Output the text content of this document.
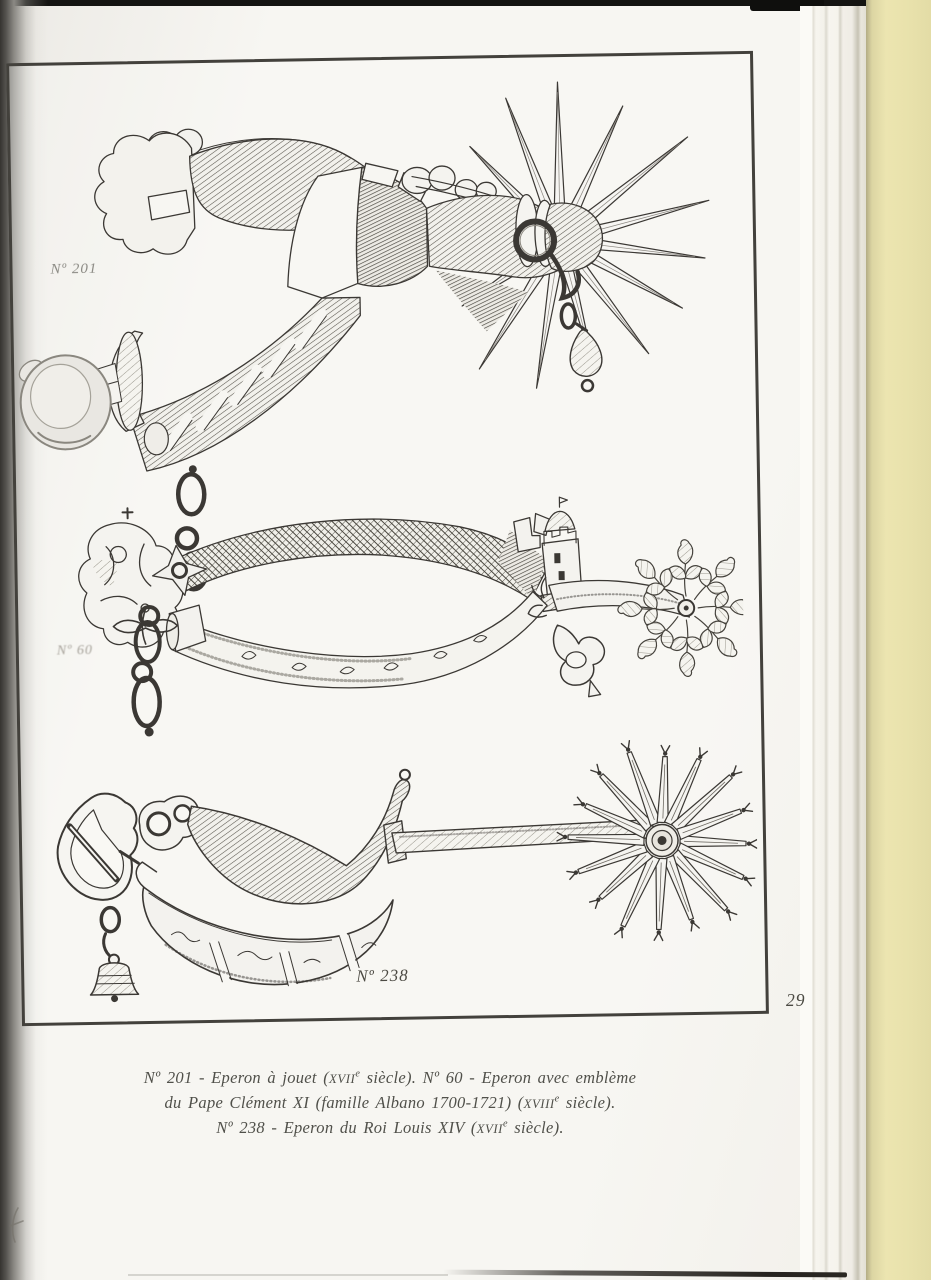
Nº 201
Nº 60
Nº 238
29
Nº 201 - Eperon à jouet (XVIIe siècle). Nº 60 - Eperon avec emblème
du Pape Clément XI (famille Albano 1700-1721) (XVIIIe siècle).
Nº 238 - Eperon du Roi Louis XIV (XVIIe siècle).
